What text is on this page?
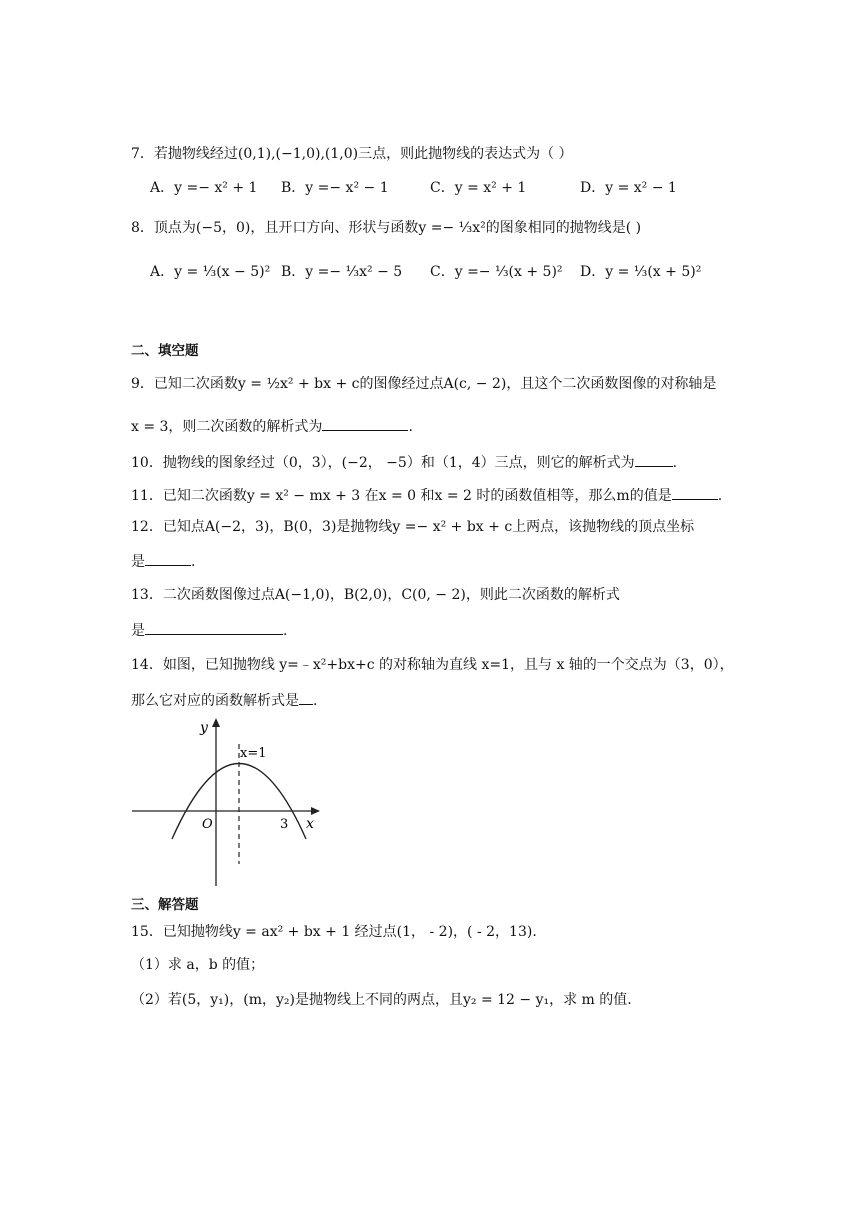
7．若抛物线经过(0,1),(−1,0),(1,0)三点，则此抛物线的表达式为（ ）
A．y =− x² + 1 B．y =− x² − 1	C．y = x² + 1	D．y = x² − 1
8．顶点为(−5，0)，且开口方向、形状与函数y =− ⅓x²的图象相同的抛物线是( )
A．y = ⅓(x − 5)² B．y =− ⅓x² − 5 C．y =− ⅓(x + 5)² D．y = ⅓(x + 5)²
二、填空题
9．已知二次函数y = ½x² + bx + c的图像经过点A(c, − 2)，且这个二次函数图像的对称轴是
x = 3，则二次函数的解析式为	.
10．抛物线的图象经过（0，3），(−2， −5）和（1，4）三点，则它的解析式为	.
11．已知二次函数y = x² − mx + 3 在x = 0 和x = 2 时的函数值相等，那么m的值是	.
12．已知点A(−2，3)，B(0，3)是抛物线y =− x² + bx + c上两点，该抛物线的顶点坐标
是	.
13．二次函数图像过点A(−1,0)，B(2,0)，C(0, − 2)，则此二次函数的解析式
是	.
14．如图，已知抛物线 y=﹣x²+bx+c 的对称轴为直线 x=1，且与 x 轴的一个交点为（3，0），
那么它对应的函数解析式是 .
y
x=1
O	3 x
三、解答题
15．已知抛物线y = ax² + bx + 1 经过点(1， ‐ 2)，( ‐ 2，13).
（1）求 a，b 的值；
（2）若(5，y₁)，(m，y₂)是抛物线上不同的两点，且y₂ = 12 − y₁，求 m 的值.
